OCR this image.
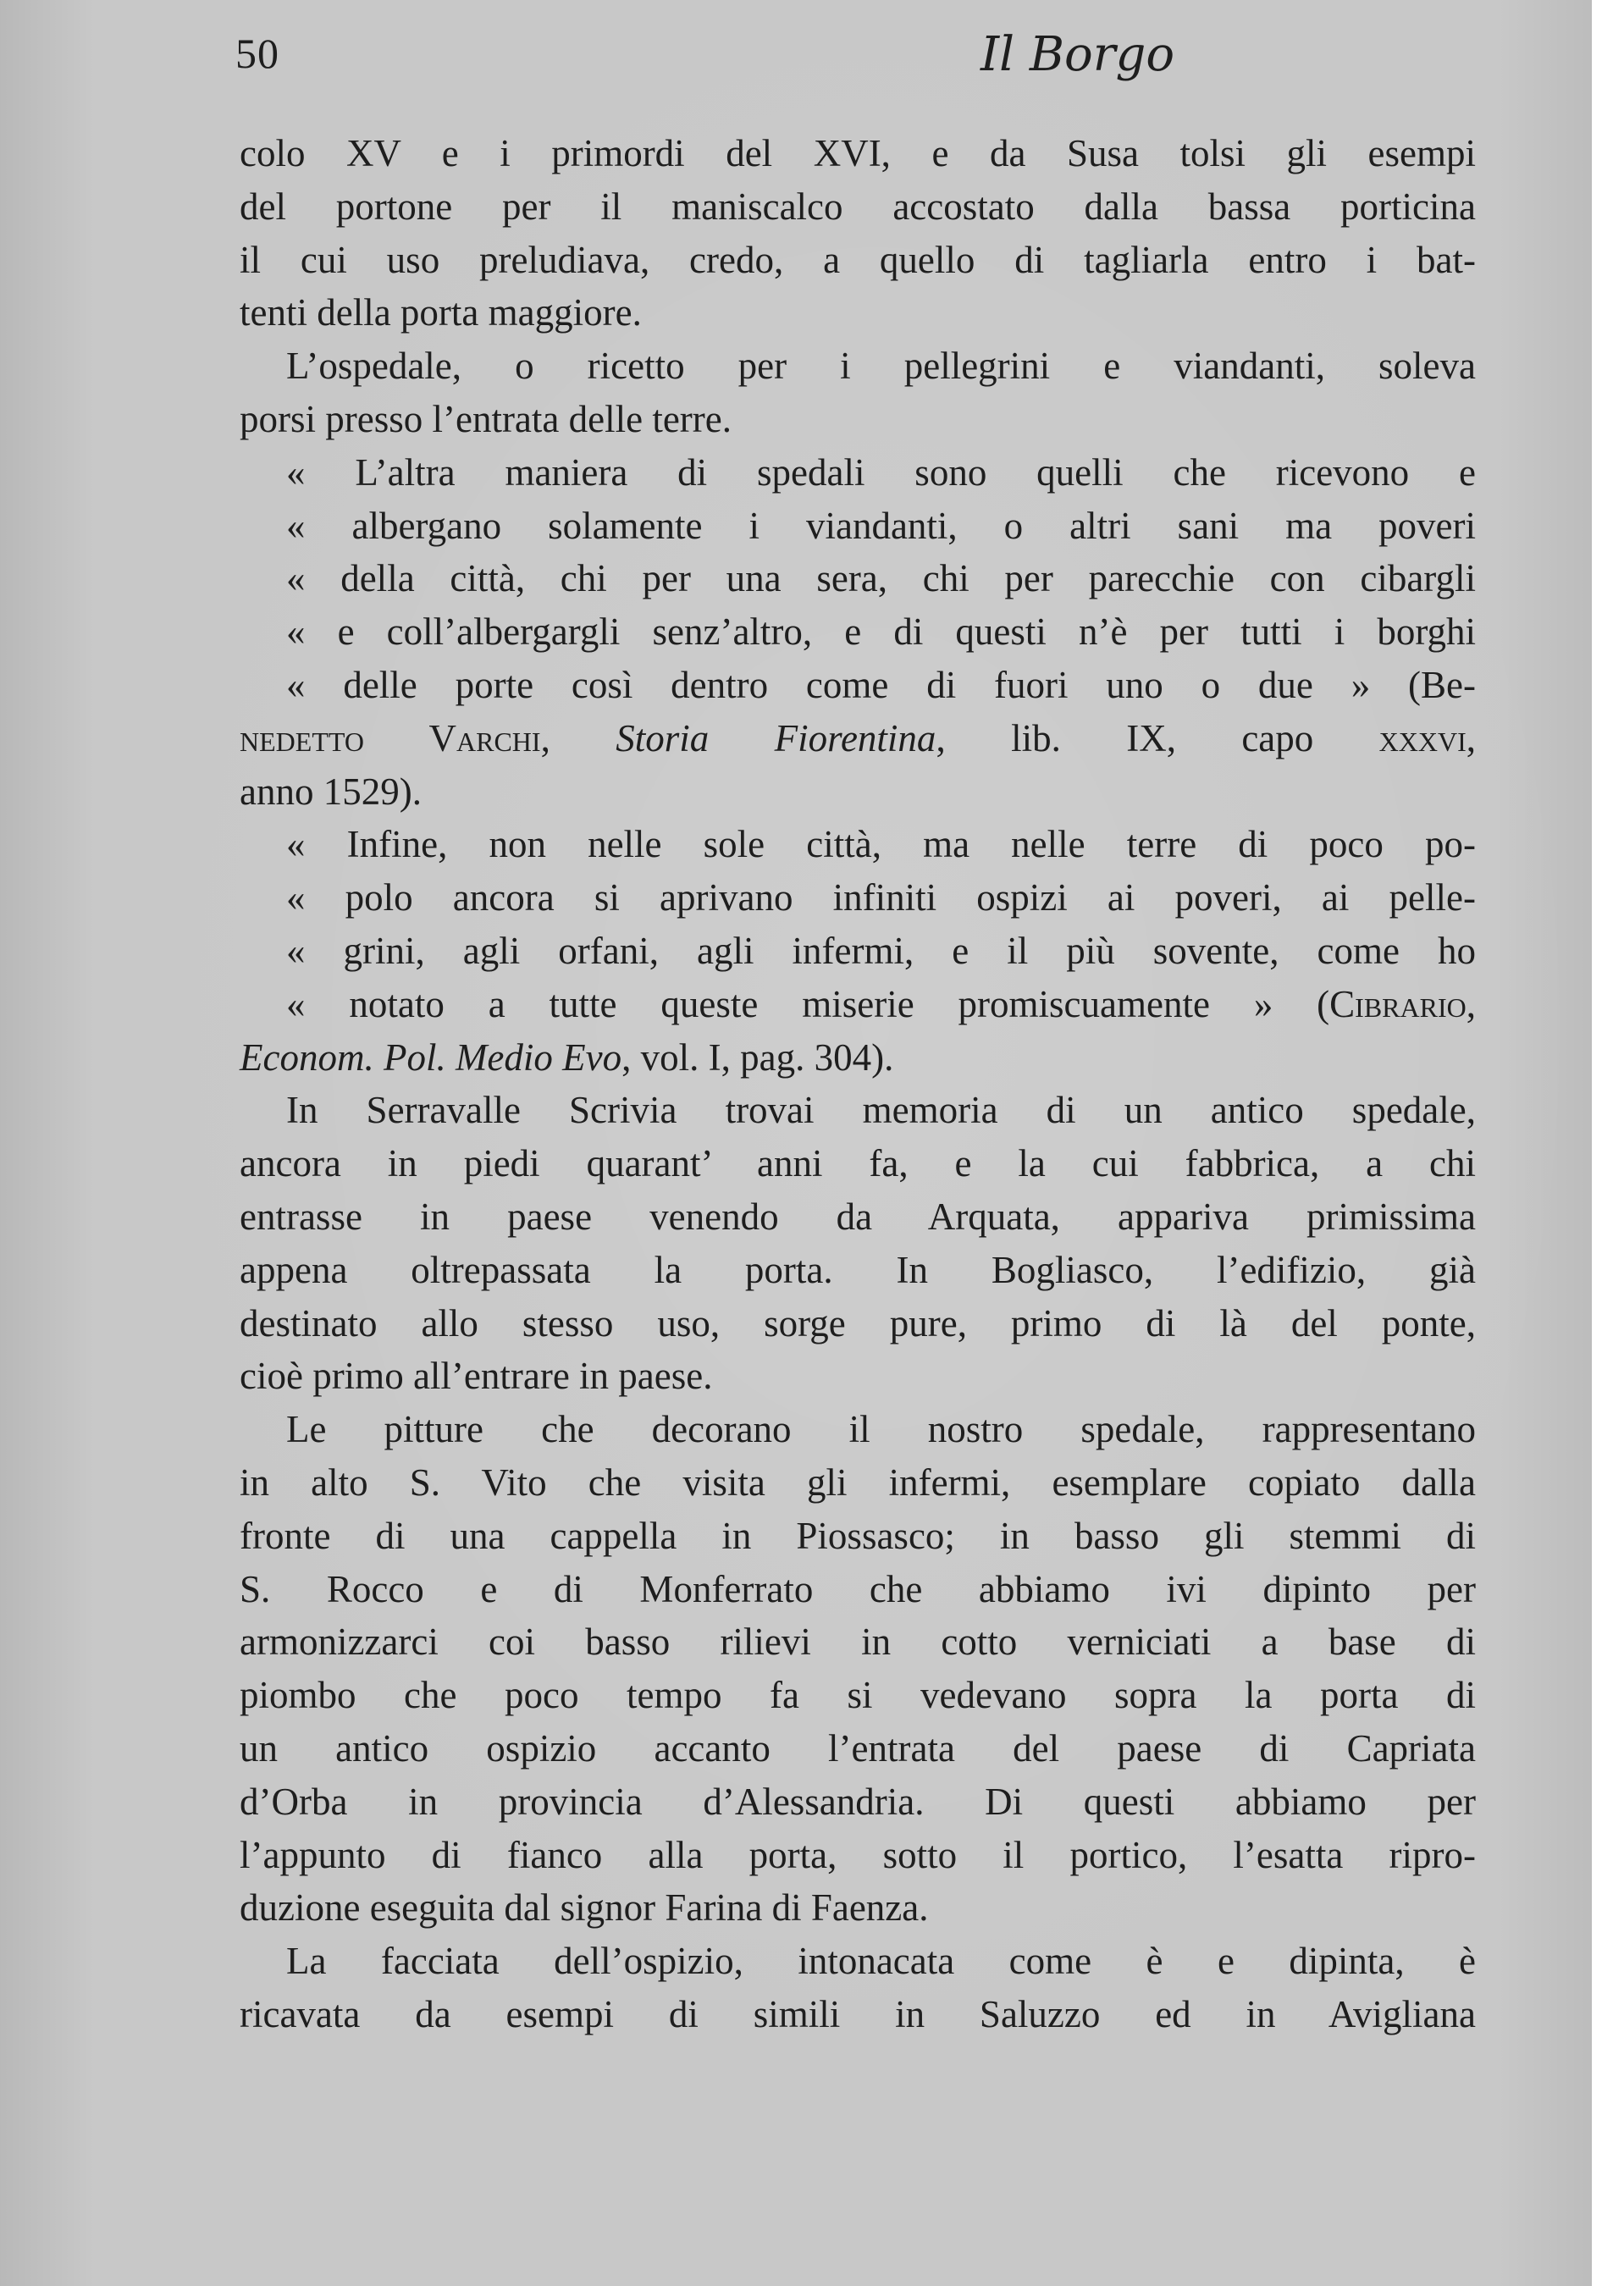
50	Il Borgo
colo XV e i primordi del XVI, e da Susa tolsi gli esempi
del portone per il maniscalco accostato dalla bassa porticina
il cui uso preludiava, credo, a quello di tagliarla entro i bat-
tenti della porta maggiore.
L’ospedale, o ricetto per i pellegrini e viandanti, soleva
porsi presso l’entrata delle terre.
« L’altra maniera di spedali sono quelli che ricevono e
« albergano solamente i viandanti, o altri sani ma poveri
« della città, chi per una sera, chi per parecchie con cibargli
« e coll’albergargli senz’altro, e di questi n’è per tutti i borghi
« delle porte così dentro come di fuori uno o due » (Be-
nedetto Varchi, Storia Fiorentina, lib. IX, capo xxxvi,
anno 1529).
« Infine, non nelle sole città, ma nelle terre di poco po-
« polo ancora si aprivano infiniti ospizi ai poveri, ai pelle-
« grini, agli orfani, agli infermi, e il più sovente, come ho
« notato a tutte queste miserie promiscuamente » (Cibrario,
Econom. Pol. Medio Evo, vol. I, pag. 304).
In Serravalle Scrivia trovai memoria di un antico spedale,
ancora in piedi quarant’ anni fa, e la cui fabbrica, a chi
entrasse in paese venendo da Arquata, appariva primissima
appena oltrepassata la porta. In Bogliasco, l’edifizio, già
destinato allo stesso uso, sorge pure, primo di là del ponte,
cioè primo all’entrare in paese.
Le pitture che decorano il nostro spedale, rappresentano
in alto S. Vito che visita gli infermi, esemplare copiato dalla
fronte di una cappella in Piossasco; in basso gli stemmi di
S. Rocco e di Monferrato che abbiamo ivi dipinto per
armonizzarci coi basso rilievi in cotto verniciati a base di
piombo che poco tempo fa si vedevano sopra la porta di
un antico ospizio accanto l’entrata del paese di Capriata
d’Orba in provincia d’Alessandria. Di questi abbiamo per
l’appunto di fianco alla porta, sotto il portico, l’esatta ripro-
duzione eseguita dal signor Farina di Faenza.
La facciata dell’ospizio, intonacata come è e dipinta, è
ricavata da esempi di simili in Saluzzo ed in Avigliana
